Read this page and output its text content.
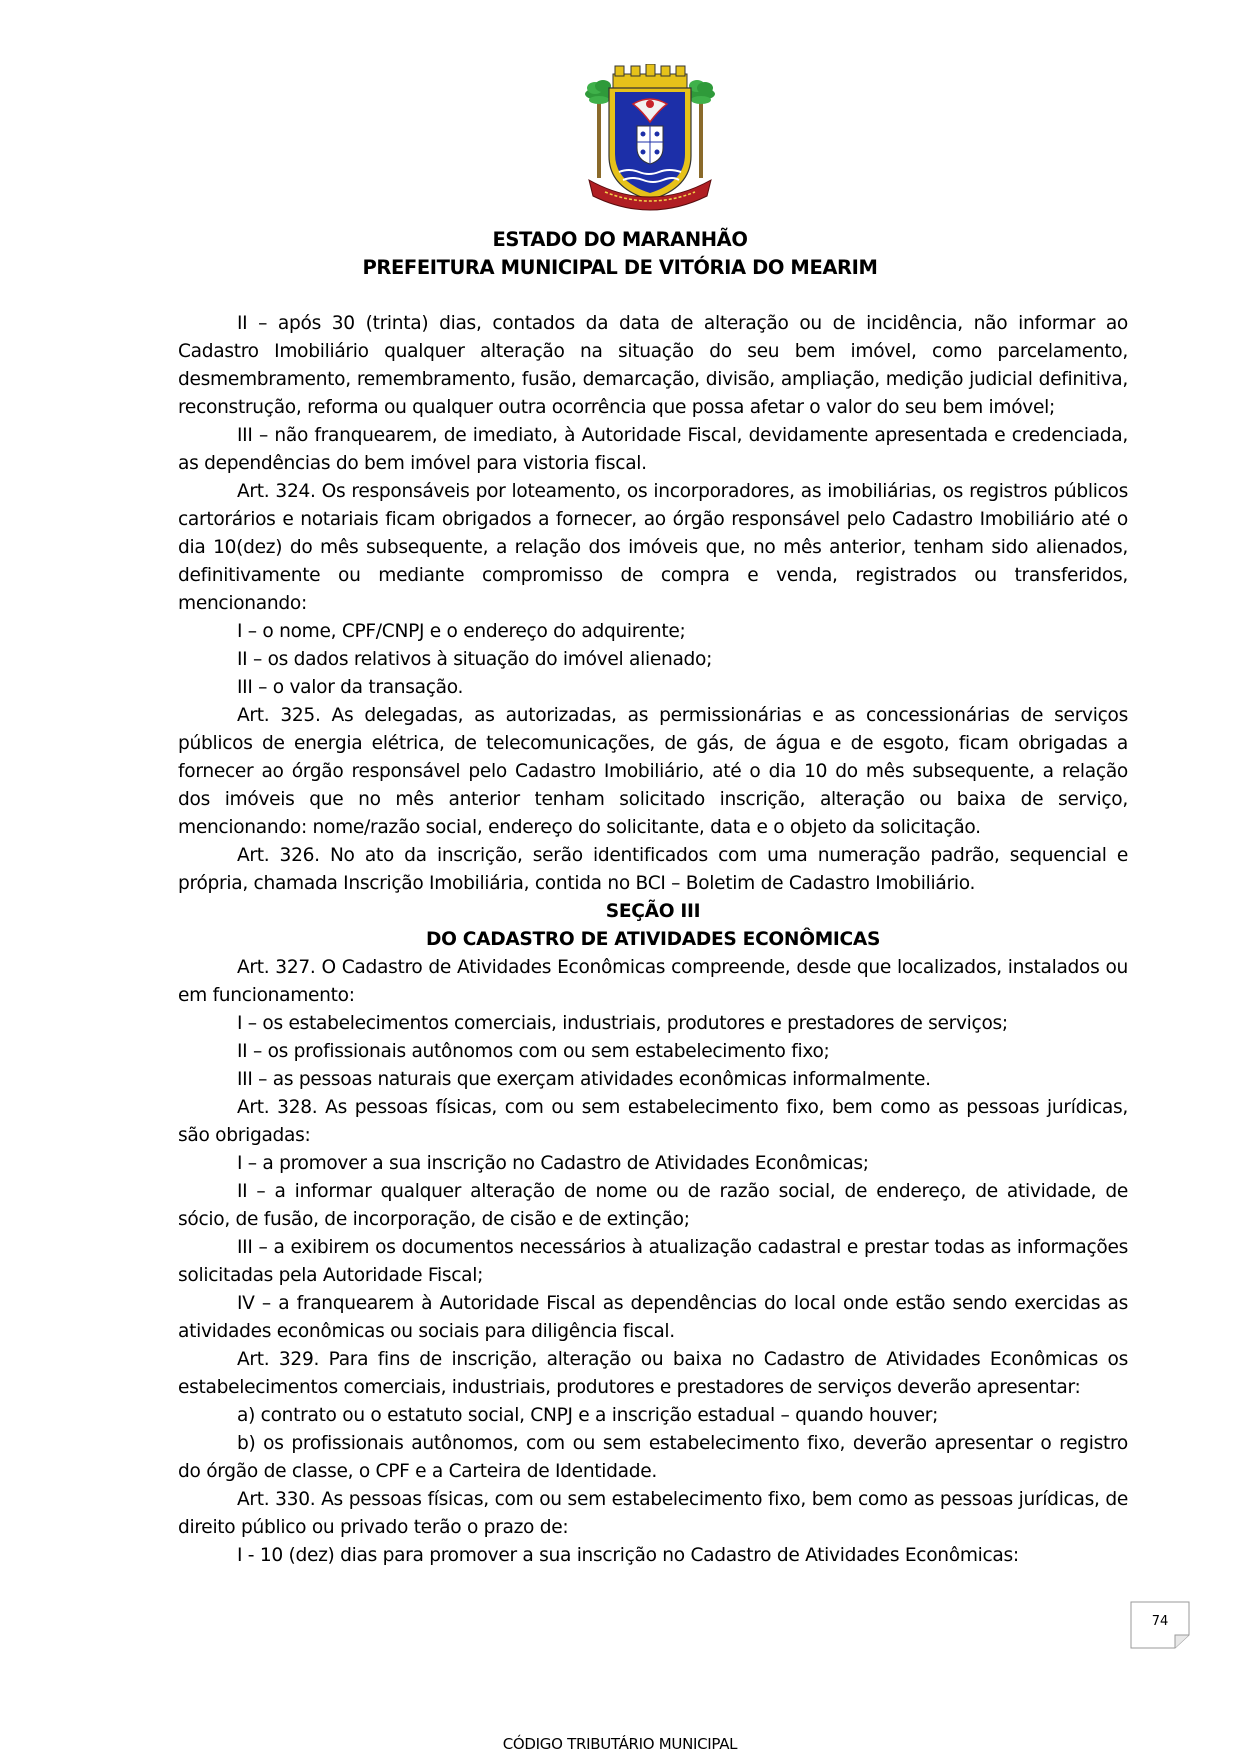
ESTADO DO MARANHÃO
PREFEITURA MUNICIPAL DE VITÓRIA DO MEARIM

II – após 30 (trinta) dias, contados da data de alteração ou de incidência, não informar ao Cadastro Imobiliário qualquer alteração na situação do seu bem imóvel, como parcelamento, desmembramento, remembramento, fusão, demarcação, divisão, ampliação, medição judicial definitiva, reconstrução, reforma ou qualquer outra ocorrência que possa afetar o valor do seu bem imóvel;

III – não franquearem, de imediato, à Autoridade Fiscal, devidamente apresentada e credenciada, as dependências do bem imóvel para vistoria fiscal.

Art. 324. Os responsáveis por loteamento, os incorporadores, as imobiliárias, os registros públicos cartorários e notariais ficam obrigados a fornecer, ao órgão responsável pelo Cadastro Imobiliário até o dia 10(dez) do mês subsequente, a relação dos imóveis que, no mês anterior, tenham sido alienados, definitivamente ou mediante compromisso de compra e venda, registrados ou transferidos, mencionando:

I – o nome, CPF/CNPJ e o endereço do adquirente;

II – os dados relativos à situação do imóvel alienado;

III – o valor da transação.

Art. 325. As delegadas, as autorizadas, as permissionárias e as concessionárias de serviços públicos de energia elétrica, de telecomunicações, de gás, de água e de esgoto, ficam obrigadas a fornecer ao órgão responsável pelo Cadastro Imobiliário, até o dia 10 do mês subsequente, a relação dos imóveis que no mês anterior tenham solicitado inscrição, alteração ou baixa de serviço, mencionando: nome/razão social, endereço do solicitante, data e o objeto da solicitação.

Art. 326. No ato da inscrição, serão identificados com uma numeração padrão, sequencial e própria, chamada Inscrição Imobiliária, contida no BCI – Boletim de Cadastro Imobiliário.

SEÇÃO III

DO CADASTRO DE ATIVIDADES ECONÔMICAS

Art. 327. O Cadastro de Atividades Econômicas compreende, desde que localizados, instalados ou em funcionamento:

I – os estabelecimentos comerciais, industriais, produtores e prestadores de serviços;

II – os profissionais autônomos com ou sem estabelecimento fixo;

III – as pessoas naturais que exerçam atividades econômicas informalmente.

Art. 328. As pessoas físicas, com ou sem estabelecimento fixo, bem como as pessoas jurídicas, são obrigadas:

I – a promover a sua inscrição no Cadastro de Atividades Econômicas;

II – a informar qualquer alteração de nome ou de razão social, de endereço, de atividade, de sócio, de fusão, de incorporação, de cisão e de extinção;

III – a exibirem os documentos necessários à atualização cadastral e prestar todas as informações solicitadas pela Autoridade Fiscal;

IV – a franquearem à Autoridade Fiscal as dependências do local onde estão sendo exercidas as atividades econômicas ou sociais para diligência fiscal.

Art. 329. Para fins de inscrição, alteração ou baixa no Cadastro de Atividades Econômicas os estabelecimentos comerciais, industriais, produtores e prestadores de serviços deverão apresentar:

a) contrato ou o estatuto social, CNPJ e a inscrição estadual – quando houver;

b) os profissionais autônomos, com ou sem estabelecimento fixo, deverão apresentar o registro do órgão de classe, o CPF e a Carteira de Identidade.

Art. 330. As pessoas físicas, com ou sem estabelecimento fixo, bem como as pessoas jurídicas, de direito público ou privado terão o prazo de:

I - 10 (dez) dias para promover a sua inscrição no Cadastro de Atividades Econômicas:

74
CÓDIGO TRIBUTÁRIO MUNICIPAL
